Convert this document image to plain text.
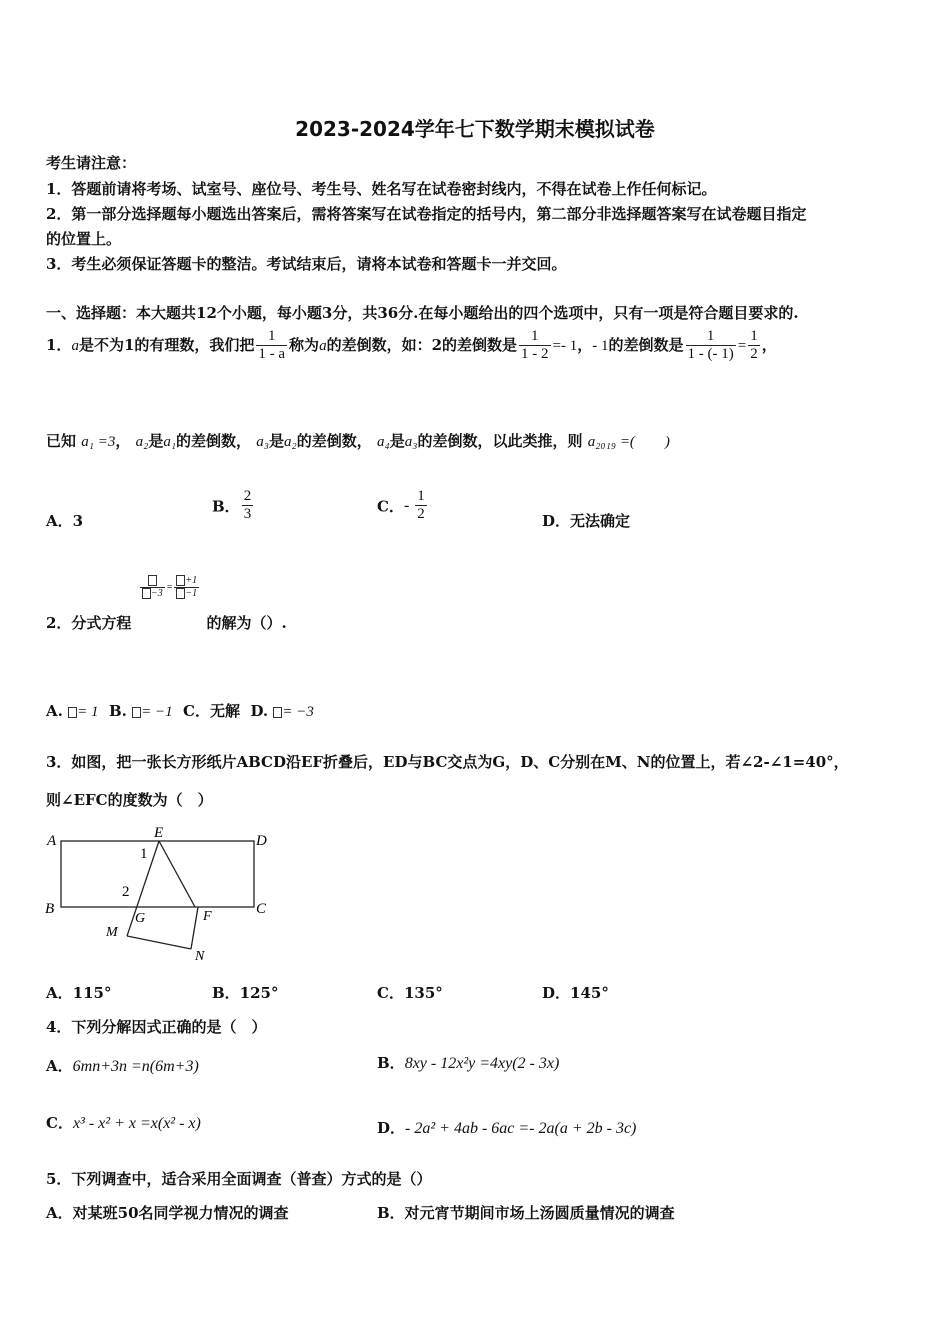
2023-2024学年七下数学期末模拟试卷
考生请注意：
1．答题前请将考场、试室号、座位号、考生号、姓名写在试卷密封线内，不得在试卷上作任何标记。
2．第一部分选择题每小题选出答案后，需将答案写在试卷指定的括号内，第二部分非选择题答案写在试卷题目指定
的位置上。
3．考生必须保证答题卡的整洁。考试结束后，请将本试卷和答题卡一并交回。
一、选择题：本大题共12个小题，每小题3分，共36分.在每小题给出的四个选项中，只有一项是符合题目要求的.
1．a是不为1的有理数，我们把 $\frac{1}{1 - a}$ 称为a的差倒数，如：2的差倒数是 $\frac{1}{1 - 2} =- 1$，- 1的差倒数是 $\frac{1}{1 - (- 1)} = \frac{1}{2}$ ，
已知 a₁ =3， a₂是a₁的差倒数， a₃是a₂的差倒数， a₄是a₃的差倒数，以此类推，则 a₂₀₁₉ =(　　)
A．3
B． $\frac{2}{3}$	C．- $\frac{1}{2}$	D．无法确定
$-3 = \frac{+1}{-1}$
2．分式方程　　　　　的解为（）.
A. = 1 B. = −1 C．无解 D. = −3
3．如图，把一张长方形纸片ABCD沿EF折叠后，ED与BC交点为G，D、C分别在M、N的位置上，若∠2-∠1=40°，
则∠EFC的度数为（　）
A	D
B	C
E
G	F
M
N
1
2
A．115°	B．125°	C．135°	D．145°
4．下列分解因式正确的是（　）
A．6mn+3n =n(6m+3)	B．8xy - 12x²y =4xy(2 - 3x)
C．x³ - x² + x =x(x² - x)	D．- 2a² + 4ab - 6ac =- 2a(a + 2b - 3c)
5．下列调查中，适合采用全面调查（普查）方式的是（）
A．对某班50名同学视力情况的调查	B．对元宵节期间市场上汤圆质量情况的调查
